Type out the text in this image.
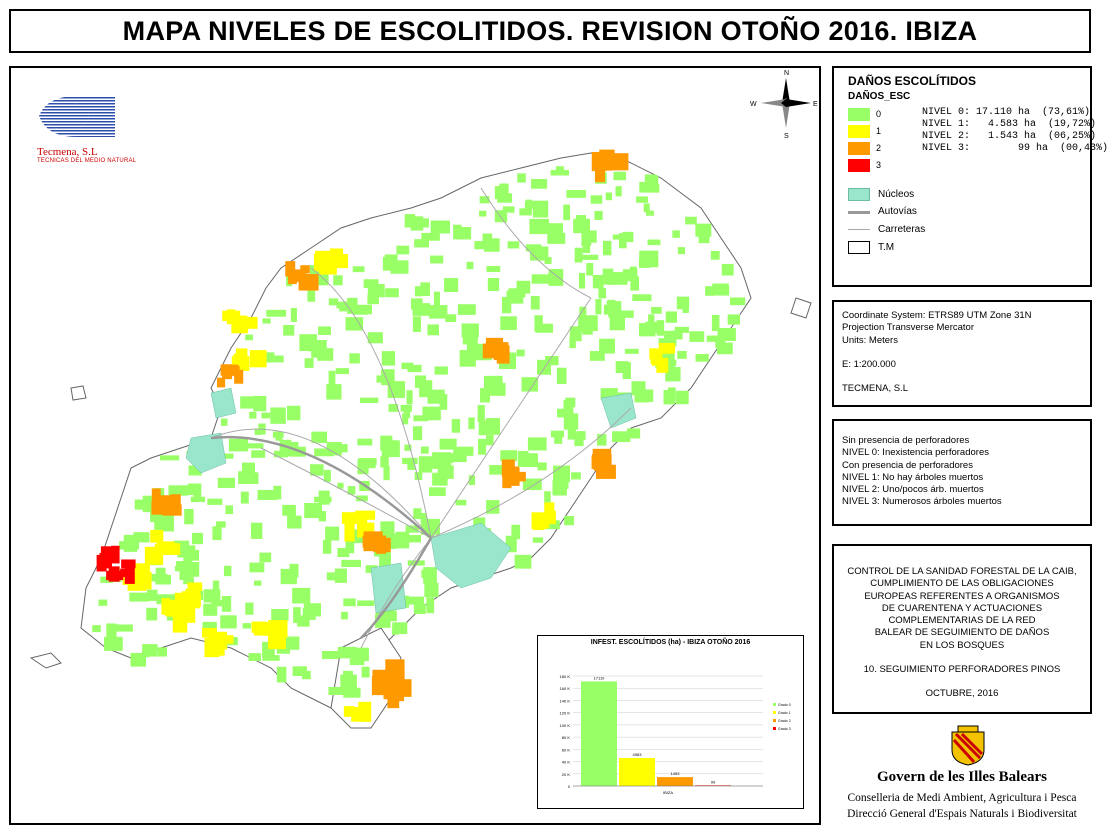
MAPA NIVELES DE ESCOLITIDOS. REVISION OTOÑO 2016. IBIZA
N
S
E
W
Tecmena, S.L
TECNICAS DEL MEDIO NATURAL
INFEST. ESCOLÍTIDOS (ha) - IBIZA OTOÑO 2016
0
20 K
40 K
60 K
80 K
100 K
120 K
140 K
160 K
180 K	17110
Grado 0
4583
Grado 1
1453
Grado 2
99
Grado 3
IBIZA
DAÑOS ESCOLÍTIDOS
DAÑOS_ESC
0
1
2
3
NIVEL 0: 17.110 ha  (73,61%)
NIVEL 1:   4.583 ha  (19,72%)
NIVEL 2:   1.543 ha  (06,25%)
NIVEL 3:        99 ha  (00,43%)
Núcleos
Autovías
Carreteras
T.M
Coordinate System: ETRS89 UTM Zone 31N
Projection Transverse Mercator
Units: Meters
E: 1:200.000
TECMENA, S.L
Sin presencia de perforadores
NIVEL 0: Inexistencia perforadores
Con presencia de perforadores
NIVEL 1: No hay árboles muertos
NIVEL 2: Uno/pocos árb. muertos
NIVEL 3: Numerosos árboles muertos
CONTROL DE LA SANIDAD FORESTAL DE LA CAIB,
CUMPLIMIENTO DE LAS OBLIGACIONES
EUROPEAS REFERENTES A ORGANISMOS
DE CUARENTENA Y ACTUACIONES
COMPLEMENTARIAS DE LA RED
BALEAR DE SEGUIMIENTO DE DAÑOS
EN LOS BOSQUES
10. SEGUIMIENTO PERFORADORES PINOS
OCTUBRE, 2016
Govern de les Illes Balears
Conselleria de Medi Ambient, Agricultura i Pesca
Direcció General d'Espais Naturals i Biodiversitat
